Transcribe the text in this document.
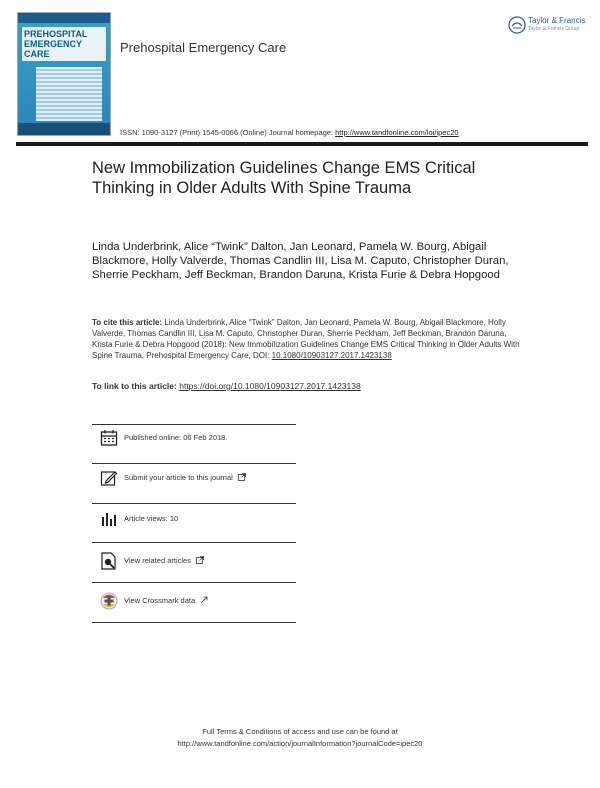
PREHOSPITAL
EMERGENCY CARE	Prehospital Emergency Care
Taylor & Francis
Taylor & Francis Group
ISSN: 1090-3127 (Print) 1545-0066 (Online) Journal homepage: http://www.tandfonline.com/loi/ipec20
New Immobilization Guidelines Change EMS Critical Thinking in Older Adults With Spine Trauma
Linda Underbrink, Alice “Twink” Dalton, Jan Leonard, Pamela W. Bourg, Abigail Blackmore, Holly Valverde, Thomas Candlin III, Lisa M. Caputo, Christopher Duran, Sherrie Peckham, Jeff Beckman, Brandon Daruna, Krista Furie & Debra Hopgood
To cite this article: Linda Underbrink, Alice “Twink” Dalton, Jan Leonard, Pamela W. Bourg, Abigail Blackmore, Holly Valverde, Thomas Candlin III, Lisa M. Caputo, Christopher Duran, Sherrie Peckham, Jeff Beckman, Brandon Daruna, Krista Furie & Debra Hopgood (2018): New Immobilization Guidelines Change EMS Critical Thinking in Older Adults With Spine Trauma, Prehospital Emergency Care, DOI: 10.1080/10903127.2017.1423138
To link to this article: https://doi.org/10.1080/10903127.2017.1423138
Published online: 06 Feb 2018.
Submit your article to this journal
Article views: 10
View related articles
View Crossmark data
Full Terms & Conditions of access and use can be found at
http://www.tandfonline.com/action/journalInformation?journalCode=ipec20
